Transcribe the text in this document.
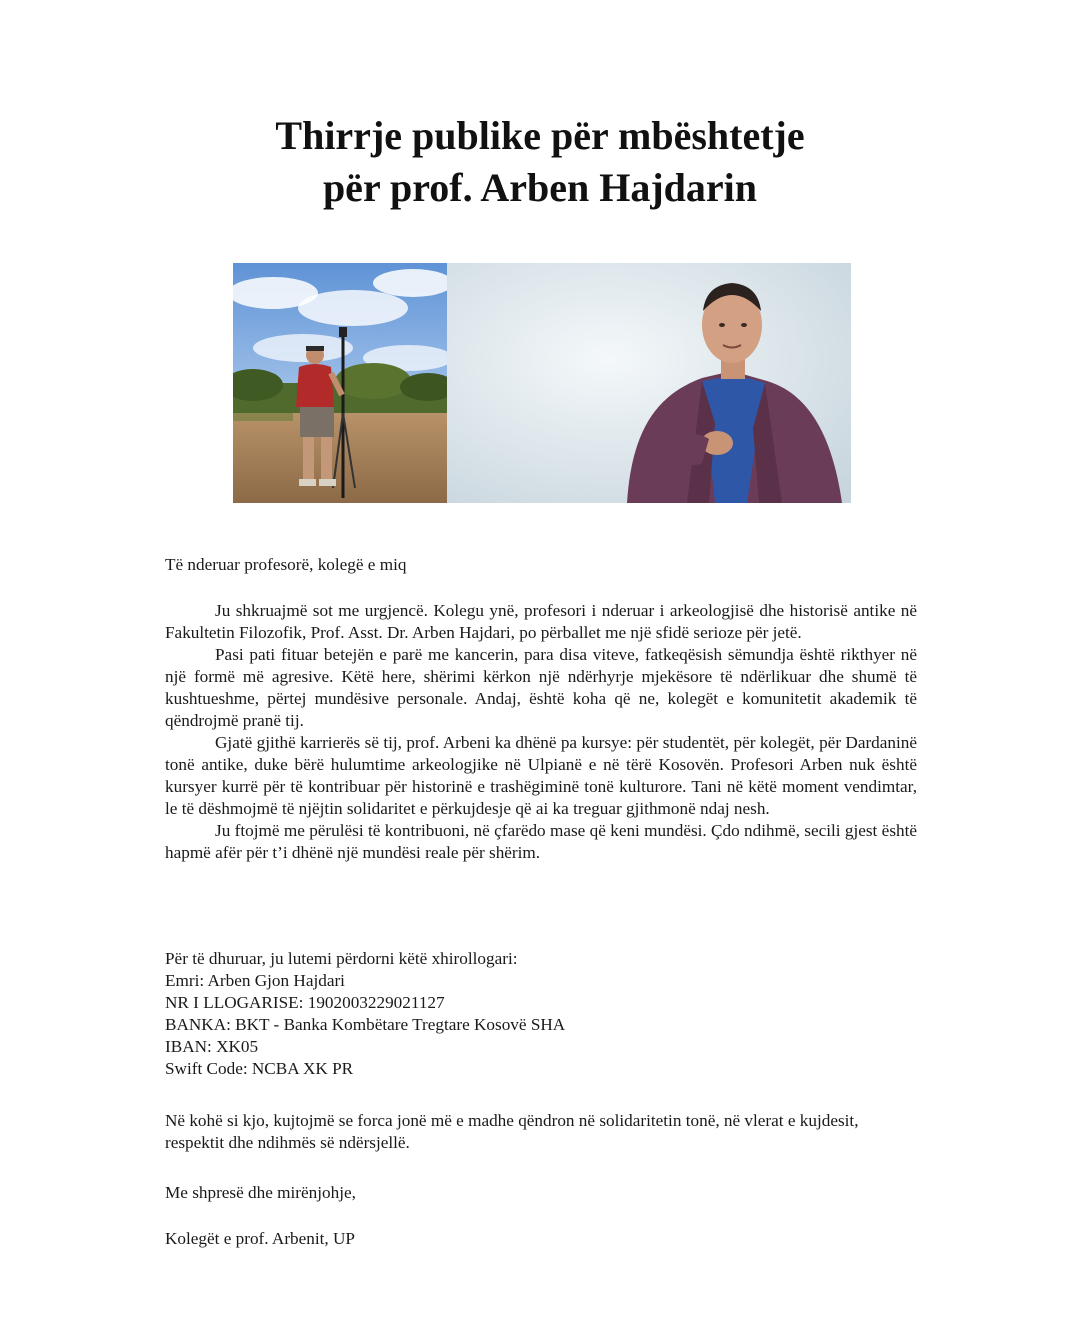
Thirrje publike për mbështetje
për prof. Arben Hajdarin

Të nderuar profesorë, kolegë e miq

Ju shkruajmë sot me urgjencë. Kolegu ynë, profesori i nderuar i arkeologjisë dhe historisë antike në Fakultetin Filozofik, Prof. Asst. Dr. Arben Hajdari, po përballet me një sfidë serioze për jetë.

Pasi pati fituar betejën e parë me kancerin, para disa viteve, fatkeqësish sëmundja është rikthyer në një formë më agresive. Këtë here, shërimi kërkon një ndërhyrje mjekësore të ndërlikuar dhe shumë të kushtueshme, përtej mundësive personale. Andaj, është koha që ne, kolegët e komunitetit akademik të qëndrojmë pranë tij.

Gjatë gjithë karrierës së tij, prof. Arbeni ka dhënë pa kursye: për studentët, për kolegët, për Dardaninë tonë antike, duke bërë hulumtime arkeologjike në Ulpianë e në tërë Kosovën. Profesori Arben nuk është kursyer kurrë për të kontribuar për historinë e trashëgiminë tonë kulturore. Tani në këtë moment vendimtar, le të dëshmojmë të njëjtin solidaritet e përkujdesje që ai ka treguar gjithmonë ndaj nesh.

Ju ftojmë me përulësi të kontribuoni, në çfarëdo mase që keni mundësi. Çdo ndihmë, secili gjest është hapmë afër për t’i dhënë një mundësi reale për shërim.

Për të dhuruar, ju lutemi përdorni këtë xhirollogari:

Emri: Arben Gjon Hajdari

NR I LLOGARISE: 1902003229021127

BANKA: BKT - Banka Kombëtare Tregtare Kosovë SHA

IBAN: XK05

Swift Code: NCBA XK PR

Në kohë si kjo, kujtojmë se forca jonë më e madhe qëndron në solidaritetin tonë, në vlerat e kujdesit, respektit dhe ndihmës së ndërsjellë.

Me shpresë dhe mirënjohje,

Kolegët e prof. Arbenit, UP
